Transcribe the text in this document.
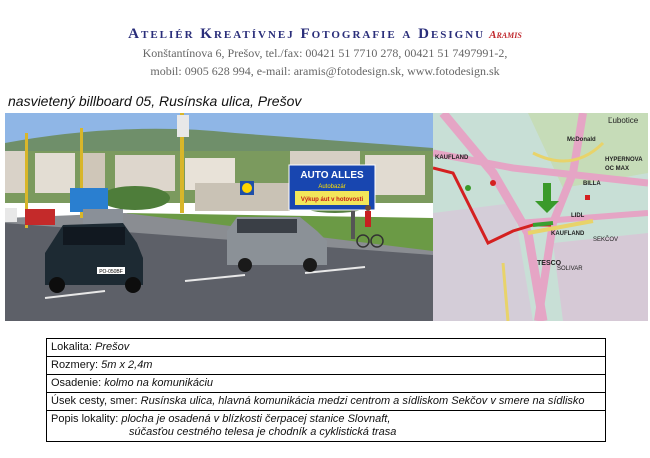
Ateliér Kreatívnej Fotografie a Designu Aramis
Konštantínova 6, Prešov, tel./fax: 00421 51 7710 278, 00421 51 7497991-2,
mobil: 0905 628 994, e-mail: aramis@fotodesign.sk, www.fotodesign.sk
nasvietený billboard 05, Rusínska ulica, Prešov
AUTO ALLES
Autobazár
Výkup áut v hotovosti
PO-050BF
Ľubotice
KAUFLAND
McDonald
HYPERNOVA
OC MAX
BILLA
LIDL
KAUFLAND
SEKČOV
TESCO
SOLIVAR
Lokalita: Prešov
Rozmery: 5m x 2,4m
Osadenie: kolmo na komunikáciu
Úsek cesty, smer: Rusínska ulica, hlavná komunikácia medzi centrom a sídliskom Sekčov v smere na sídlisko
Popis lokality: plocha je osadená v blízkosti čerpacej stanice Slovnaft,
súčasťou cestného telesa je chodník a cyklistická trasa
